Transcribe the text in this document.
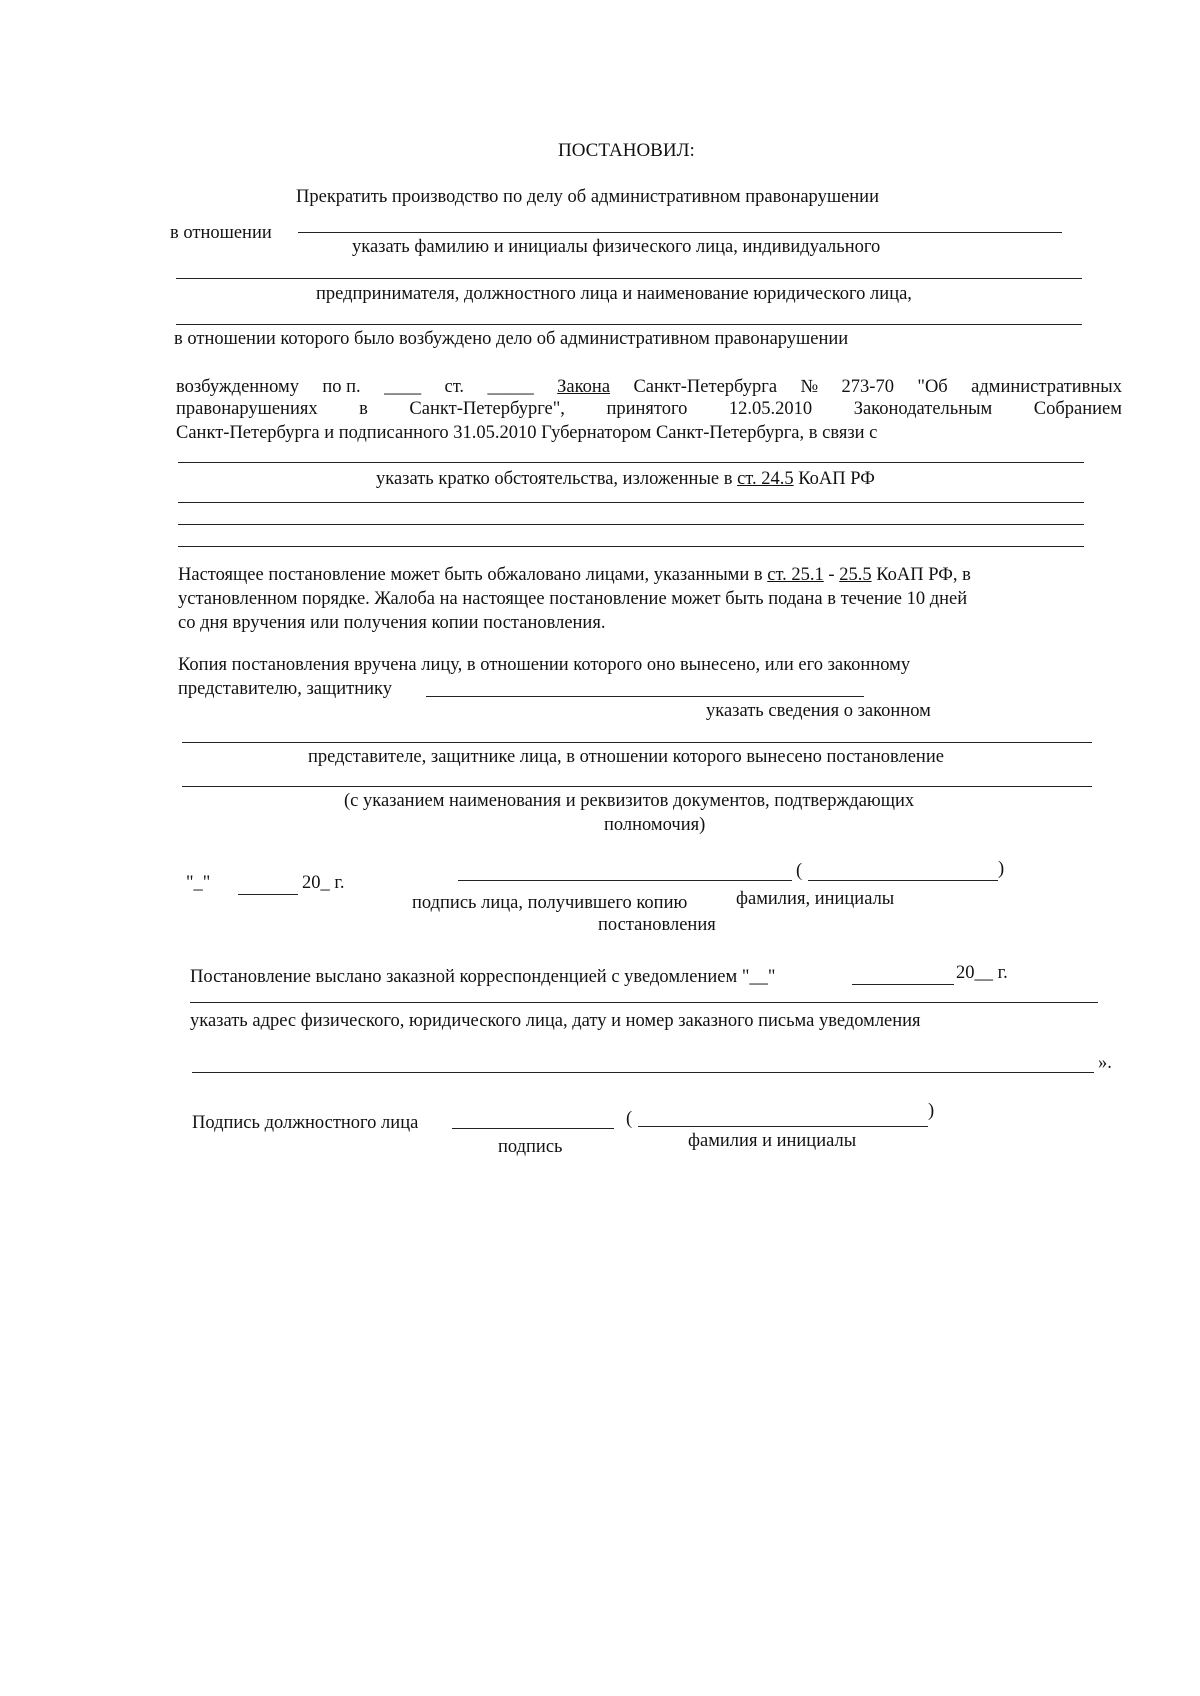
ПОСТАНОВИЛ:
Прекратить производство по делу об административном правонарушении
в отношении
указать фамилию и инициалы физического лица, индивидуального
предпринимателя, должностного лица и наименование юридического лица,
в отношении которого было возбуждено дело об административном правонарушении
возбужденному по п. ____ ст. _____ Закона Санкт-Петербурга № 273-70 "Об административных
правонарушениях в Санкт-Петербурге", принятого 12.05.2010 Законодательным Собранием
Санкт-Петербурга и подписанного 31.05.2010 Губернатором Санкт-Петербурга, в связи с
указать кратко обстоятельства, изложенные в ст. 24.5 КоАП РФ
Настоящее постановление может быть обжаловано лицами, указанными в ст. 25.1 - 25.5 КоАП РФ, в
установленном порядке. Жалоба на настоящее постановление может быть подана в течение 10 дней
со дня вручения или получения копии постановления.
Копия постановления вручена лицу, в отношении которого оно вынесено, или его законному
представителю, защитнику
указать сведения о законном
представителе, защитнике лица, в отношении которого вынесено постановление
(с указанием наименования и реквизитов документов, подтверждающих
полномочия)
"_"	20_ г.
(	)
подпись лица, получившего копию	фамилия, инициалы
постановления
Постановление выслано заказной корреспонденцией с уведомлением "__"	20__ г.
указать адрес физического, юридического лица, дату и номер заказного письма уведомления
».
Подпись должностного лица	(	)
подпись	фамилия и инициалы
